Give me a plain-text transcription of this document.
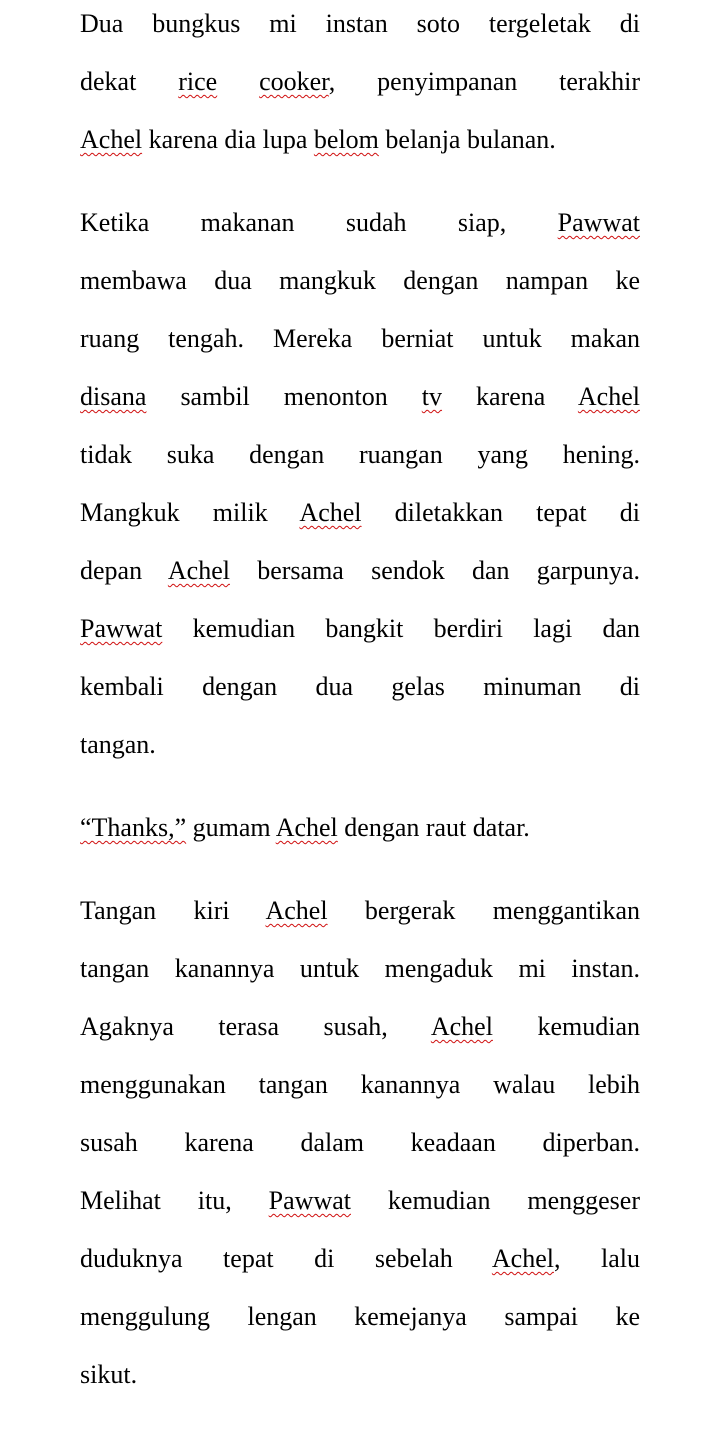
Dua bungkus mi instan soto tergeletak di
dekat rice cooker, penyimpanan terakhir
Achel karena dia lupa belom belanja bulanan.
Ketika makanan sudah siap, Pawwat
membawa dua mangkuk dengan nampan ke
ruang tengah. Mereka berniat untuk makan
disana sambil menonton tv karena Achel
tidak suka dengan ruangan yang hening.
Mangkuk milik Achel diletakkan tepat di
depan Achel bersama sendok dan garpunya.
Pawwat kemudian bangkit berdiri lagi dan
kembali dengan dua gelas minuman di
tangan.
“Thanks,” gumam Achel dengan raut datar.
Tangan kiri Achel bergerak menggantikan
tangan kanannya untuk mengaduk mi instan.
Agaknya terasa susah, Achel kemudian
menggunakan tangan kanannya walau lebih
susah karena dalam keadaan diperban.
Melihat itu, Pawwat kemudian menggeser
duduknya tepat di sebelah Achel, lalu
menggulung lengan kemejanya sampai ke
sikut.
